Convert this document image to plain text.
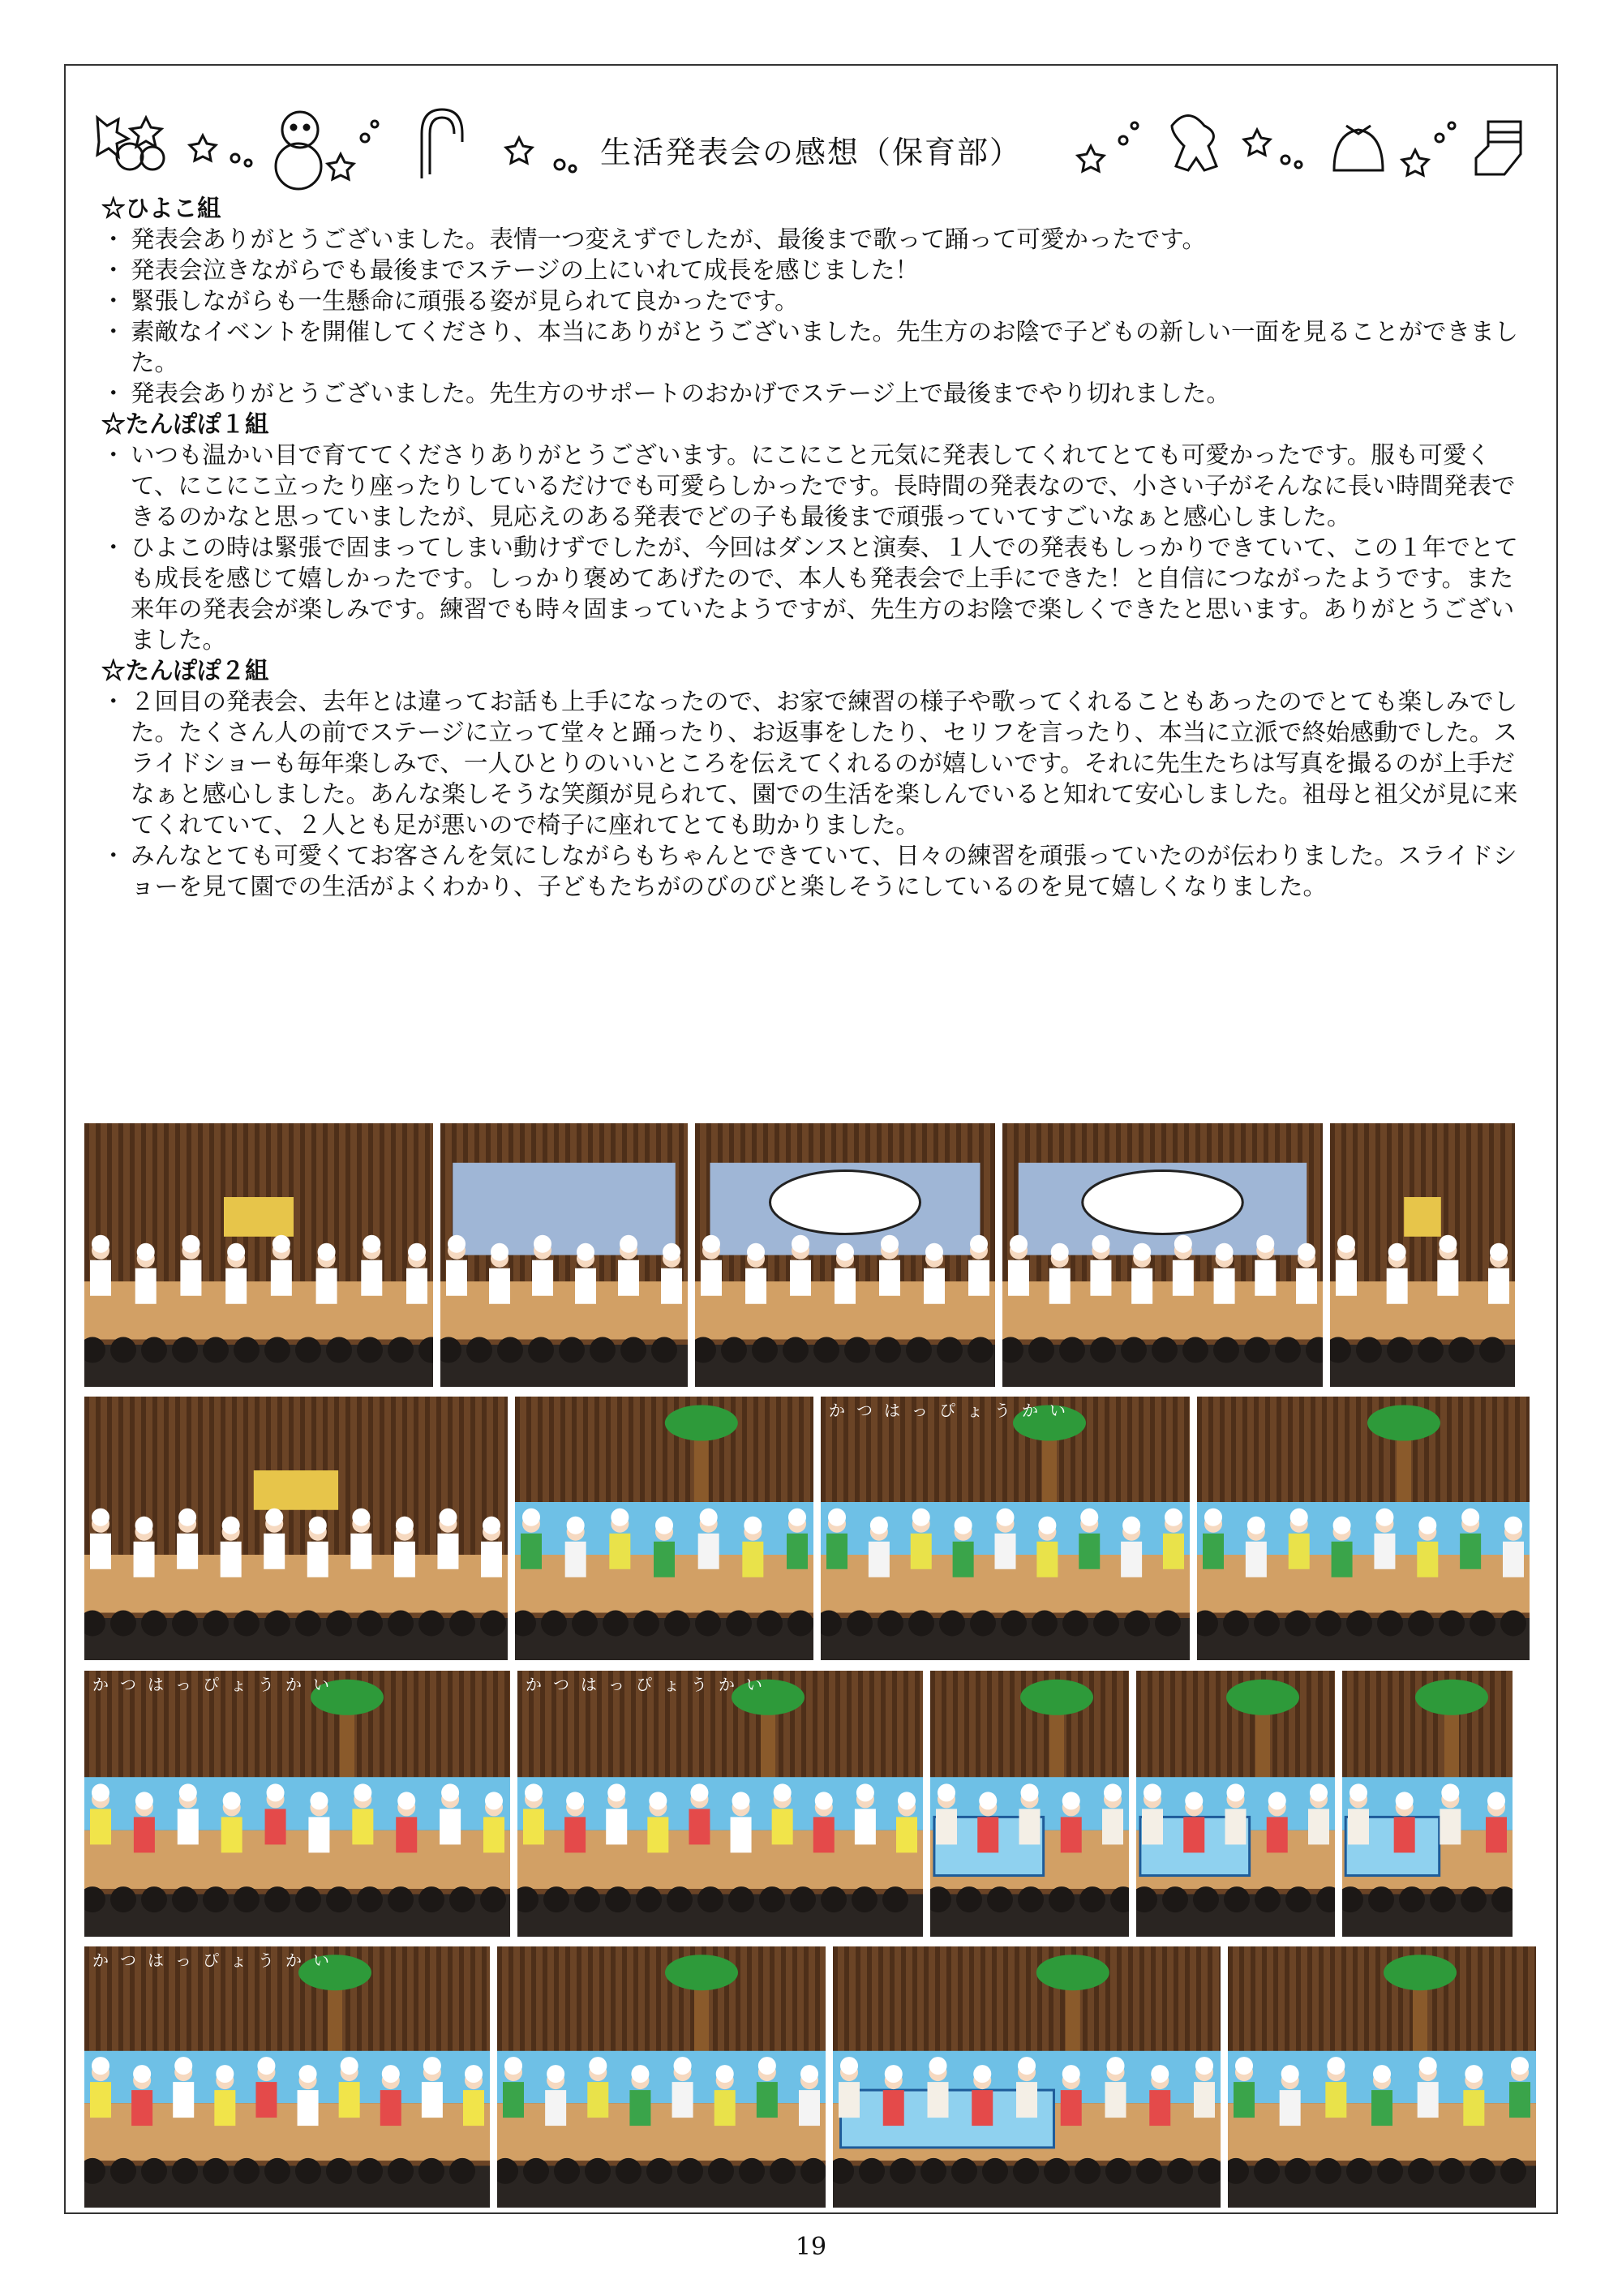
生活発表会の感想（保育部）

☆ひよこ組

・ 発表会ありがとうございました。表情一つ変えずでしたが、最後まで歌って踊って可愛かったです。

・ 発表会泣きながらでも最後までステージの上にいれて成長を感じました！

・ 緊張しながらも一生懸命に頑張る姿が見られて良かったです。

・ 素敵なイベントを開催してくださり、本当にありがとうございました。先生方のお陰で子どもの新しい一面を見ることができました。

・ 発表会ありがとうございました。先生方のサポートのおかげでステージ上で最後までやり切れました。

☆たんぽぽ１組

・ いつも温かい目で育ててくださりありがとうございます。にこにこと元気に発表してくれてとても可愛かったです。服も可愛くて、にこにこ立ったり座ったりしているだけでも可愛らしかったです。長時間の発表なので、小さい子がそんなに長い時間発表できるのかなと思っていましたが、見応えのある発表でどの子も最後まで頑張っていてすごいなぁと感心しました。

・ ひよこの時は緊張で固まってしまい動けずでしたが、今回はダンスと演奏、１人での発表もしっかりできていて、この１年でとても成長を感じて嬉しかったです。しっかり褒めてあげたので、本人も発表会で上手にできた！と自信につながったようです。また来年の発表会が楽しみです。練習でも時々固まっていたようですが、先生方のお陰で楽しくできたと思います。ありがとうございました。

☆たんぽぽ２組

・ ２回目の発表会、去年とは違ってお話も上手になったので、お家で練習の様子や歌ってくれることもあったのでとても楽しみでした。たくさん人の前でステージに立って堂々と踊ったり、お返事をしたり、セリフを言ったり、本当に立派で終始感動でした。スライドショーも毎年楽しみで、一人ひとりのいいところを伝えてくれるのが嬉しいです。それに先生たちは写真を撮るのが上手だなぁと感心しました。あんな楽しそうな笑顔が見られて、園での生活を楽しんでいると知れて安心しました。祖母と祖父が見に来てくれていて、２人とも足が悪いので椅子に座れてとても助かりました。

・ みんなとても可愛くてお客さんを気にしながらもちゃんとできていて、日々の練習を頑張っていたのが伝わりました。スライドショーを見て園での生活がよくわかり、子どもたちがのびのびと楽しそうにしているのを見て嬉しくなりました。

かつはっぴょうかい
かつはっぴょうかい	かつはっぴょうかい
かつはっぴょうかい
19
